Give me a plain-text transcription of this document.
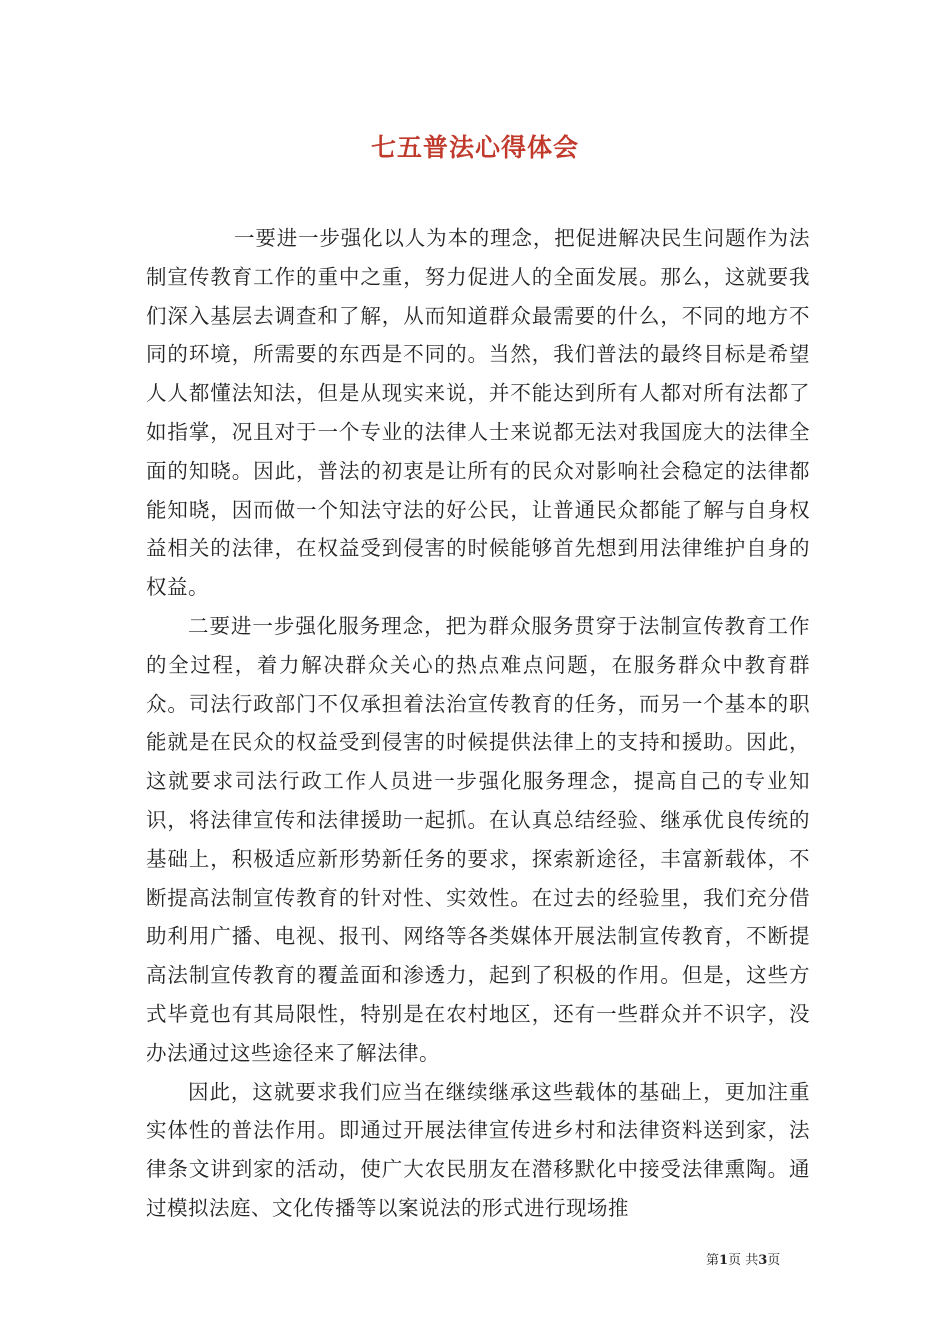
七五普法心得体会

一要进一步强化以人为本的理念，把促进解决民生问题作为法制宣传教育工作的重中之重，努力促进人的全面发展。那么，这就要我们深入基层去调查和了解，从而知道群众最需要的什么，不同的地方不同的环境，所需要的东西是不同的。当然，我们普法的最终目标是希望人人都懂法知法，但是从现实来说，并不能达到所有人都对所有法都了如指掌，况且对于一个专业的法律人士来说都无法对我国庞大的法律全面的知晓。因此，普法的初衷是让所有的民众对影响社会稳定的法律都能知晓，因而做一个知法守法的好公民，让普通民众都能了解与自身权益相关的法律，在权益受到侵害的时候能够首先想到用法律维护自身的权益。

二要进一步强化服务理念，把为群众服务贯穿于法制宣传教育工作的全过程，着力解决群众关心的热点难点问题，在服务群众中教育群众。司法行政部门不仅承担着法治宣传教育的任务，而另一个基本的职能就是在民众的权益受到侵害的时候提供法律上的支持和援助。因此，这就要求司法行政工作人员进一步强化服务理念，提高自己的专业知识，将法律宣传和法律援助一起抓。在认真总结经验、继承优良传统的基础上，积极适应新形势新任务的要求，探索新途径，丰富新载体，不断提高法制宣传教育的针对性、实效性。在过去的经验里，我们充分借助利用广播、电视、报刊、网络等各类媒体开展法制宣传教育，不断提高法制宣传教育的覆盖面和渗透力，起到了积极的作用。但是，这些方式毕竟也有其局限性，特别是在农村地区，还有一些群众并不识字，没办法通过这些途径来了解法律。

因此，这就要求我们应当在继续继承这些载体的基础上，更加注重实体性的普法作用。即通过开展法律宣传进乡村和法律资料送到家，法律条文讲到家的活动，使广大农民朋友在潜移默化中接受法律熏陶。通过模拟法庭、文化传播等以案说法的形式进行现场推

第1页 共3页
